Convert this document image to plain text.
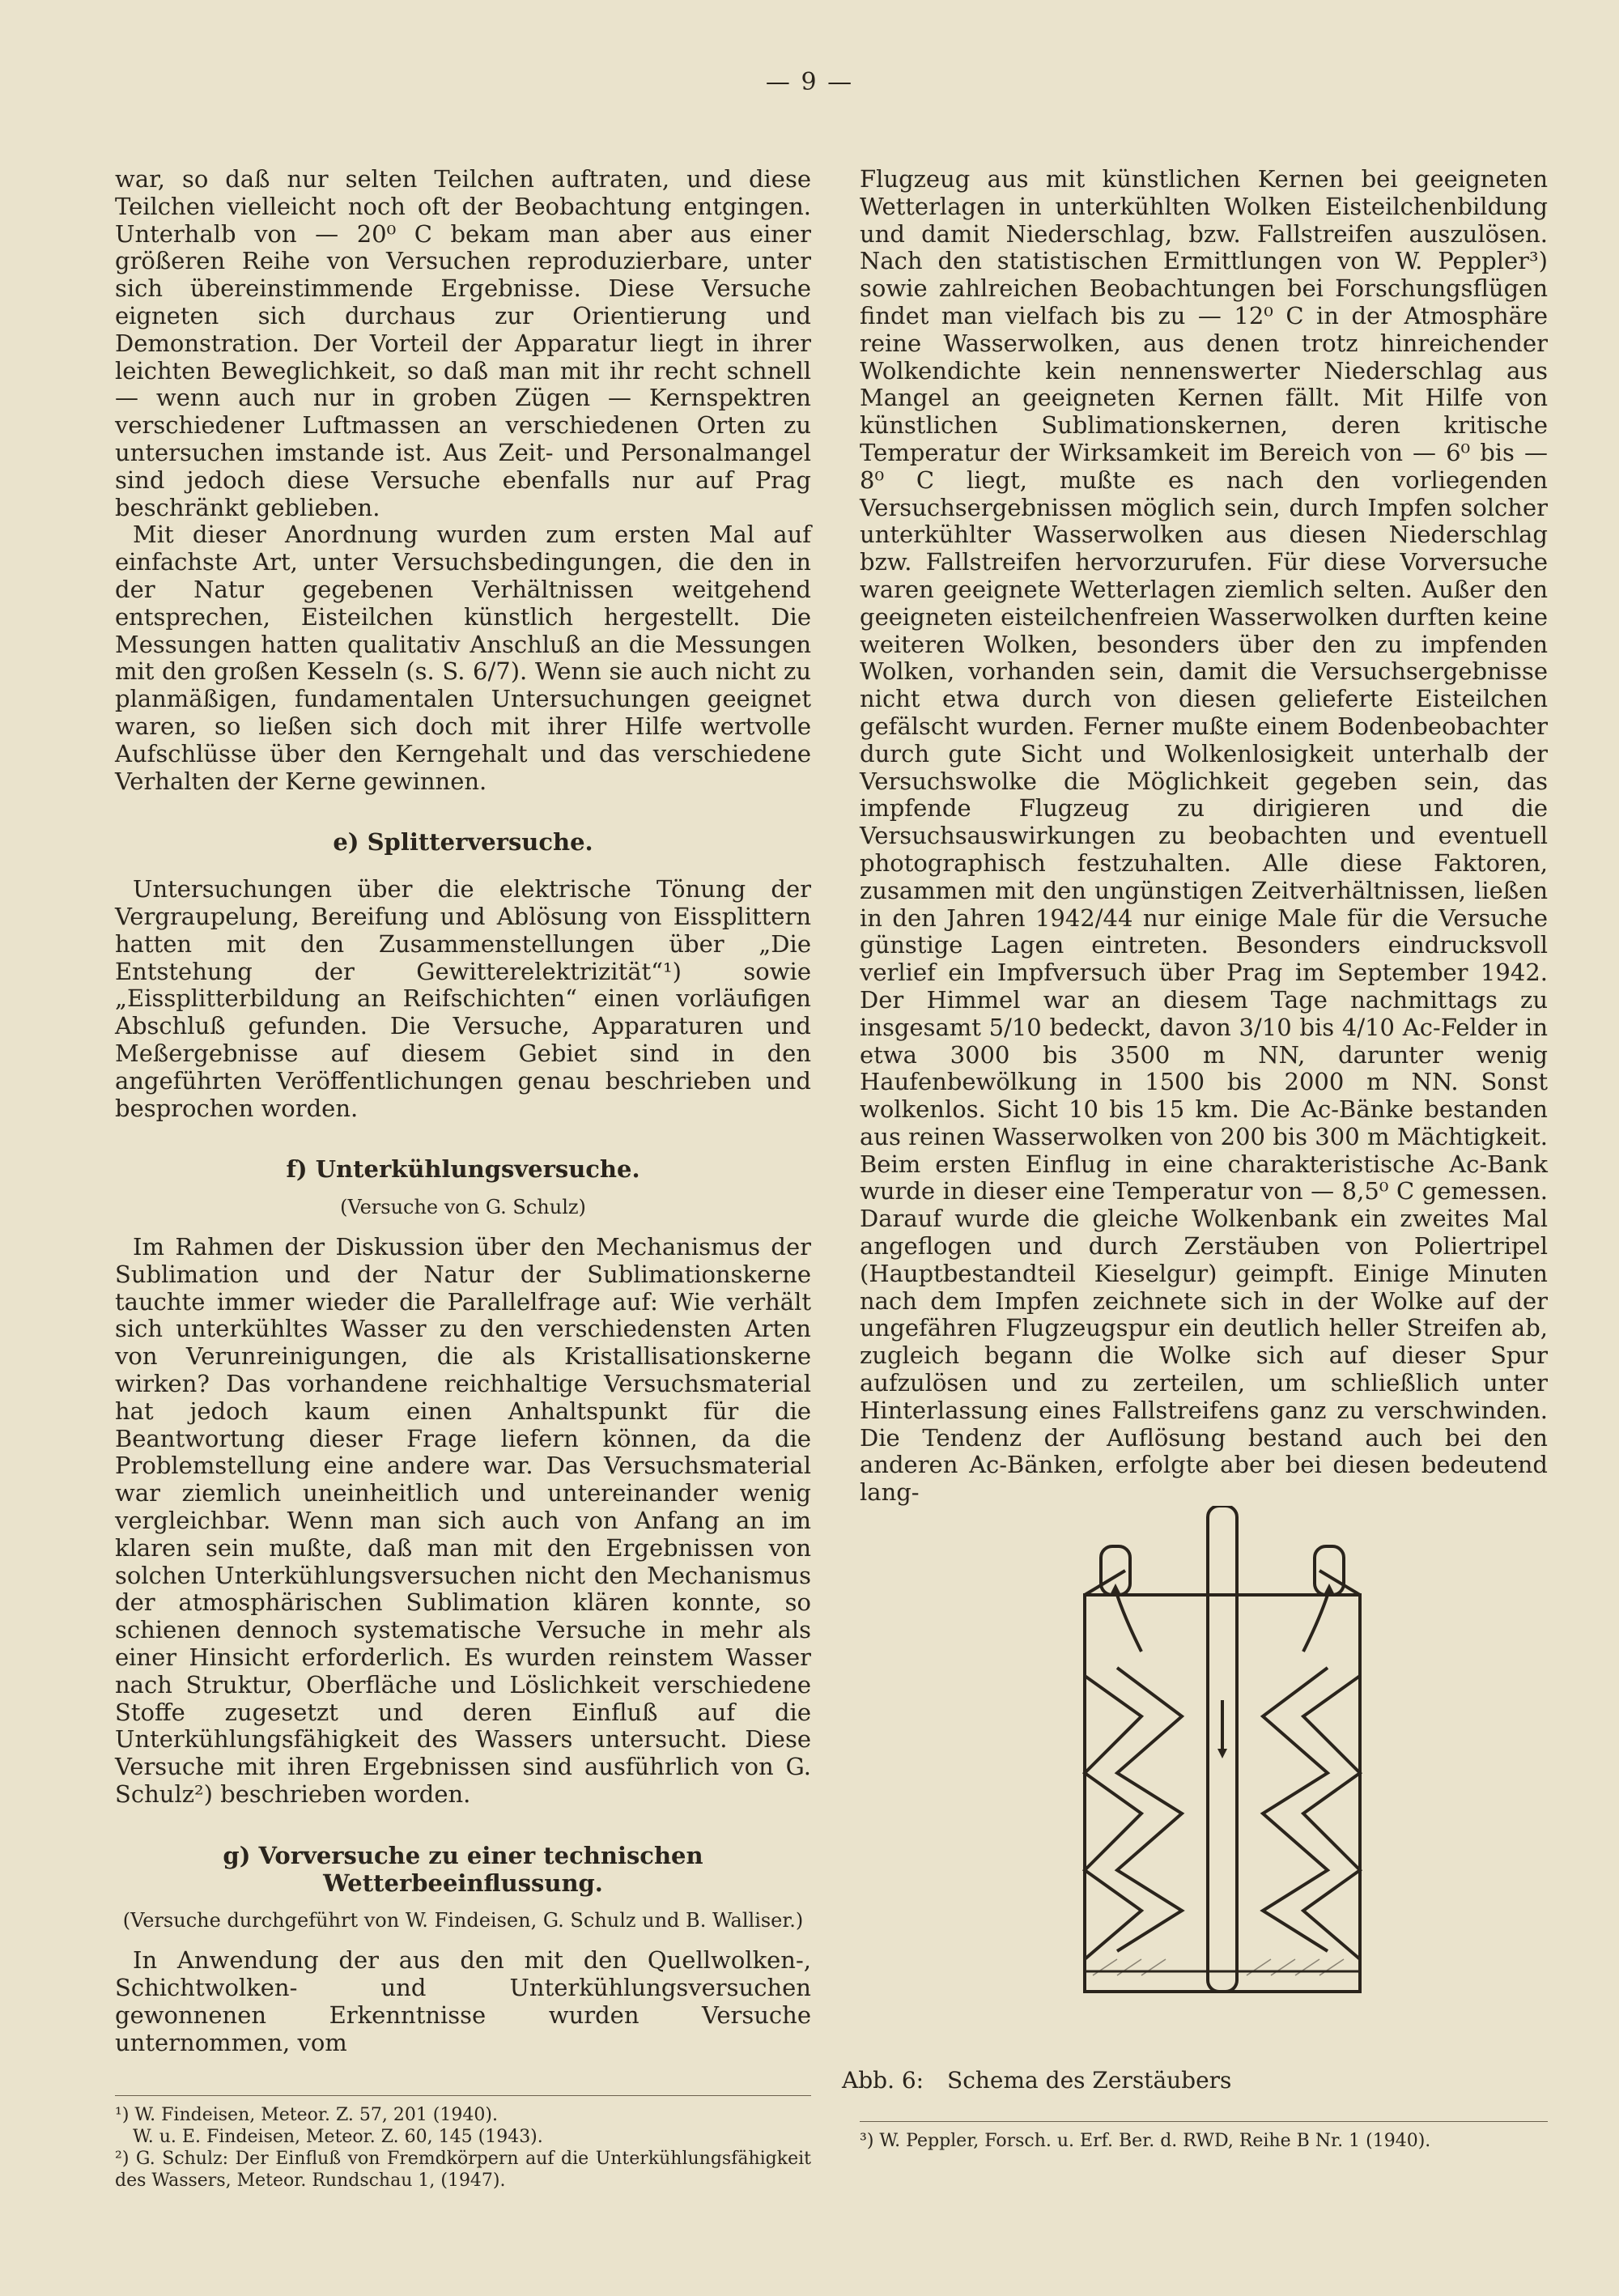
— 9 —

war, so daß nur selten Teilchen auftraten, und diese Teilchen vielleicht noch oft der Beobachtung entgingen. Unterhalb von — 20⁰ C bekam man aber aus einer größeren Reihe von Versuchen reproduzierbare, unter sich übereinstimmende Ergebnisse. Diese Versuche eigneten sich durchaus zur Orientierung und Demonstration. Der Vorteil der Apparatur liegt in ihrer leichten Beweglichkeit, so daß man mit ihr recht schnell — wenn auch nur in groben Zügen — Kernspektren verschiedener Luftmassen an verschiedenen Orten zu untersuchen imstande ist. Aus Zeit- und Personalmangel sind jedoch diese Versuche ebenfalls nur auf Prag beschränkt geblieben.

Mit dieser Anordnung wurden zum ersten Mal auf einfachste Art, unter Versuchsbedingungen, die den in der Natur gegebenen Verhältnissen weitgehend entsprechen, Eisteilchen künstlich hergestellt. Die Messungen hatten qualitativ Anschluß an die Messungen mit den großen Kesseln (s. S. 6/7). Wenn sie auch nicht zu planmäßigen, fundamentalen Untersuchungen geeignet waren, so ließen sich doch mit ihrer Hilfe wertvolle Aufschlüsse über den Kerngehalt und das verschiedene Verhalten der Kerne gewinnen.

e) Splitterversuche.

Untersuchungen über die elektrische Tönung der Vergraupelung, Bereifung und Ablösung von Eissplittern hatten mit den Zusammenstellungen über „Die Entstehung der Gewitterelektrizität“¹) sowie „Eissplitterbildung an Reifschichten“ einen vorläufigen Abschluß gefunden. Die Versuche, Apparaturen und Meßergebnisse auf diesem Gebiet sind in den angeführten Veröffentlichungen genau beschrieben und besprochen worden.

f) Unterkühlungsversuche.
(Versuche von G. Schulz)

Im Rahmen der Diskussion über den Mechanismus der Sublimation und der Natur der Sublimationskerne tauchte immer wieder die Parallelfrage auf: Wie verhält sich unterkühltes Wasser zu den verschiedensten Arten von Verunreinigungen, die als Kristallisationskerne wirken? Das vorhandene reichhaltige Versuchsmaterial hat jedoch kaum einen Anhaltspunkt für die Beantwortung dieser Frage liefern können, da die Problemstellung eine andere war. Das Versuchsmaterial war ziemlich uneinheitlich und untereinander wenig vergleichbar. Wenn man sich auch von Anfang an im klaren sein mußte, daß man mit den Ergebnissen von solchen Unterkühlungsversuchen nicht den Mechanismus der atmosphärischen Sublimation klären konnte, so schienen dennoch systematische Versuche in mehr als einer Hinsicht erforderlich. Es wurden reinstem Wasser nach Struktur, Oberfläche und Löslichkeit verschiedene Stoffe zugesetzt und deren Einfluß auf die Unterkühlungsfähigkeit des Wassers untersucht. Diese Versuche mit ihren Ergebnissen sind ausführlich von G. Schulz²) beschrieben worden.

g) Vorversuche zu einer technischen Wetterbeeinflussung.
(Versuche durchgeführt von W. Findeisen, G. Schulz und B. Walliser.)

In Anwendung der aus den mit den Quellwolken-, Schichtwolken- und Unterkühlungsversuchen gewonnenen Erkenntnisse wurden Versuche unternommen, vom

Flugzeug aus mit künstlichen Kernen bei geeigneten Wetterlagen in unterkühlten Wolken Eisteilchenbildung und damit Niederschlag, bzw. Fallstreifen auszulösen. Nach den statistischen Ermittlungen von W. Peppler³) sowie zahlreichen Beobachtungen bei Forschungsflügen findet man vielfach bis zu — 12⁰ C in der Atmosphäre reine Wasserwolken, aus denen trotz hinreichender Wolkendichte kein nennenswerter Niederschlag aus Mangel an geeigneten Kernen fällt. Mit Hilfe von künstlichen Sublimationskernen, deren kritische Temperatur der Wirksamkeit im Bereich von — 6⁰ bis — 8⁰ C liegt, mußte es nach den vorliegenden Versuchsergebnissen möglich sein, durch Impfen solcher unterkühlter Wasserwolken aus diesen Niederschlag bzw. Fallstreifen hervorzurufen. Für diese Vorversuche waren geeignete Wetterlagen ziemlich selten. Außer den geeigneten eisteilchenfreien Wasserwolken durften keine weiteren Wolken, besonders über den zu impfenden Wolken, vorhanden sein, damit die Versuchsergebnisse nicht etwa durch von diesen gelieferte Eisteilchen gefälscht wurden. Ferner mußte einem Bodenbeobachter durch gute Sicht und Wolkenlosigkeit unterhalb der Versuchswolke die Möglichkeit gegeben sein, das impfende Flugzeug zu dirigieren und die Versuchsauswirkungen zu beobachten und eventuell photographisch festzuhalten. Alle diese Faktoren, zusammen mit den ungünstigen Zeitverhältnissen, ließen in den Jahren 1942/44 nur einige Male für die Versuche günstige Lagen eintreten. Besonders eindrucksvoll verlief ein Impfversuch über Prag im September 1942. Der Himmel war an diesem Tage nachmittags zu insgesamt 5/10 bedeckt, davon 3/10 bis 4/10 Ac-Felder in etwa 3000 bis 3500 m NN, darunter wenig Haufenbewölkung in 1500 bis 2000 m NN. Sonst wolkenlos. Sicht 10 bis 15 km. Die Ac-Bänke bestanden aus reinen Wasserwolken von 200 bis 300 m Mächtigkeit. Beim ersten Einflug in eine charakteristische Ac-Bank wurde in dieser eine Temperatur von — 8,5⁰ C gemessen. Darauf wurde die gleiche Wolkenbank ein zweites Mal angeflogen und durch Zerstäuben von Poliertripel (Hauptbestandteil Kieselgur) geimpft. Einige Minuten nach dem Impfen zeichnete sich in der Wolke auf der ungefähren Flugzeugspur ein deutlich heller Streifen ab, zugleich begann die Wolke sich auf dieser Spur aufzulösen und zu zerteilen, um schließlich unter Hinterlassung eines Fallstreifens ganz zu verschwinden. Die Tendenz der Auflösung bestand auch bei den anderen Ac-Bänken, erfolgte aber bei diesen bedeutend lang-

Abb. 6: Schema des Zerstäubers

¹) W. Findeisen, Meteor. Z. 57, 201 (1940).

W. u. E. Findeisen, Meteor. Z. 60, 145 (1943).

²) G. Schulz: Der Einfluß von Fremdkörpern auf die Unterkühlungsfähigkeit des Wassers, Meteor. Rundschau 1, (1947).

³) W. Peppler, Forsch. u. Erf. Ber. d. RWD, Reihe B Nr. 1 (1940).
